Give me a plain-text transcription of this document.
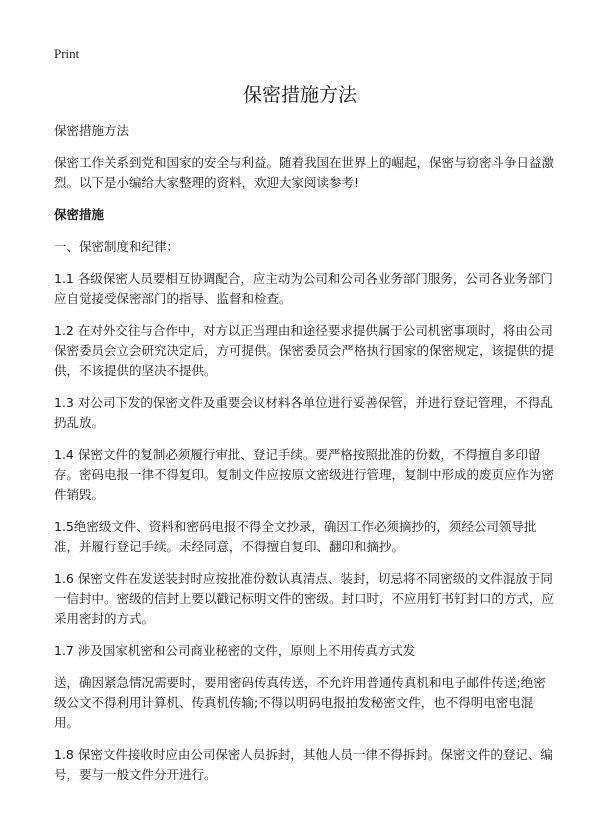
Print
保密措施方法

保密措施方法

保密工作关系到党和国家的安全与利益。随着我国在世界上的崛起，保密与窃密斗争日益激烈。以下是小编给大家整理的资料，欢迎大家阅读参考!

保密措施

一、保密制度和纪律：

1.1 各级保密人员要相互协调配合，应主动为公司和公司各业务部门服务，公司各业务部门应自觉接受保密部门的指导、监督和检查。

1.2 在对外交往与合作中，对方以正当理由和途径要求提供属于公司机密事项时，将由公司保密委员会立会研究决定后，方可提供。保密委员会严格执行国家的保密规定，该提供的提供，不该提供的坚决不提供。

1.3 对公司下发的保密文件及重要会议材料各单位进行妥善保管，并进行登记管理，不得乱扔乱放。

1.4 保密文件的复制必须履行审批、登记手续。要严格按照批准的份数，不得擅自多印留存。密码电报一律不得复印。复制文件应按原文密级进行管理，复制中形成的废页应作为密件销毁。

1.5绝密级文件、资料和密码电报不得全文抄录，确因工作必须摘抄的，须经公司领导批准，并履行登记手续。未经同意，不得擅自复印、翻印和摘抄。

1.6 保密文件在发送装封时应按批准份数认真清点、装封，切忌将不同密级的文件混放于同一信封中。密级的信封上要以戳记标明文件的密级。封口时，不应用钉书钉封口的方式，应采用密封的方式。

1.7 涉及国家机密和公司商业秘密的文件，原则上不用传真方式发

送，确因紧急情况需要时，要用密码传真传送，不允许用普通传真机和电子邮件传送;绝密级公文不得利用计算机、传真机传输;不得以明码电报拍发秘密文件，也不得明电密电混用。

1.8 保密文件接收时应由公司保密人员拆封，其他人员一律不得拆封。保密文件的登记、编号，要与一般文件分开进行。
